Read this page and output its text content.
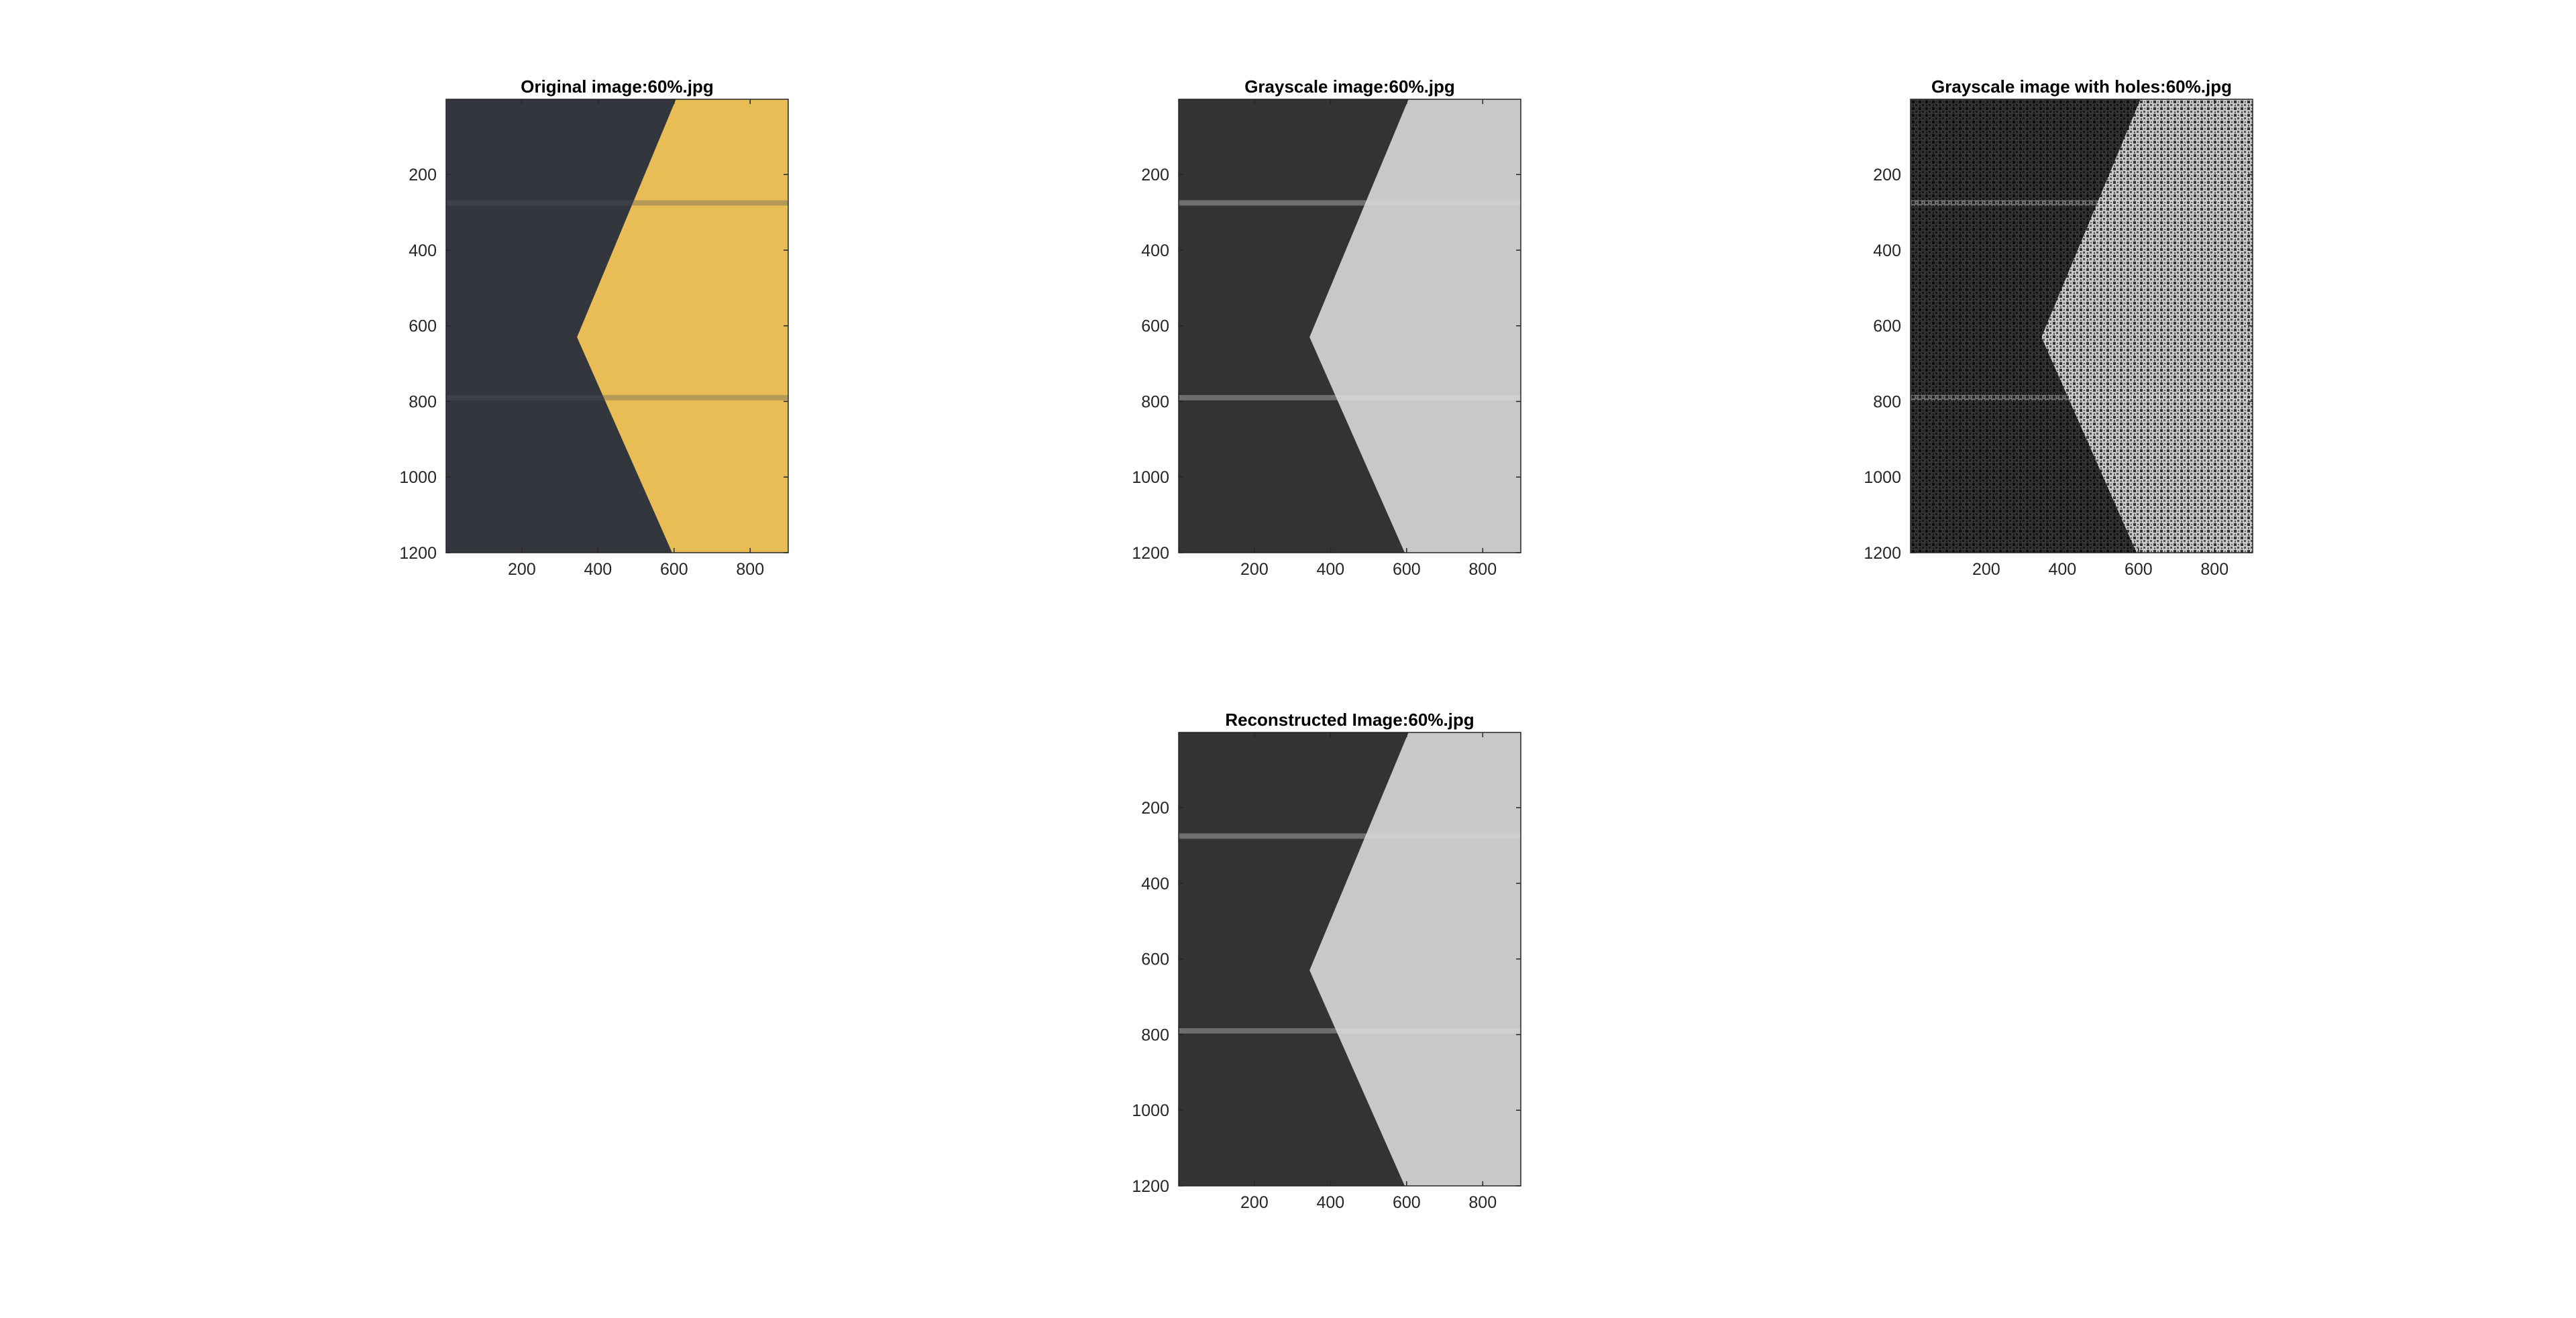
200	400	600	800
200
400
600
800
1000
1200
Original image:60%.jpg
200	400	600	800
200
400
600
800
1000
1200
Grayscale image:60%.jpg
200	400	600	800
200
400
600
800
1000
1200
Grayscale image with holes:60%.jpg
200	400	600	800
200
400
600
800
1000
1200
Reconstructed Image:60%.jpg
